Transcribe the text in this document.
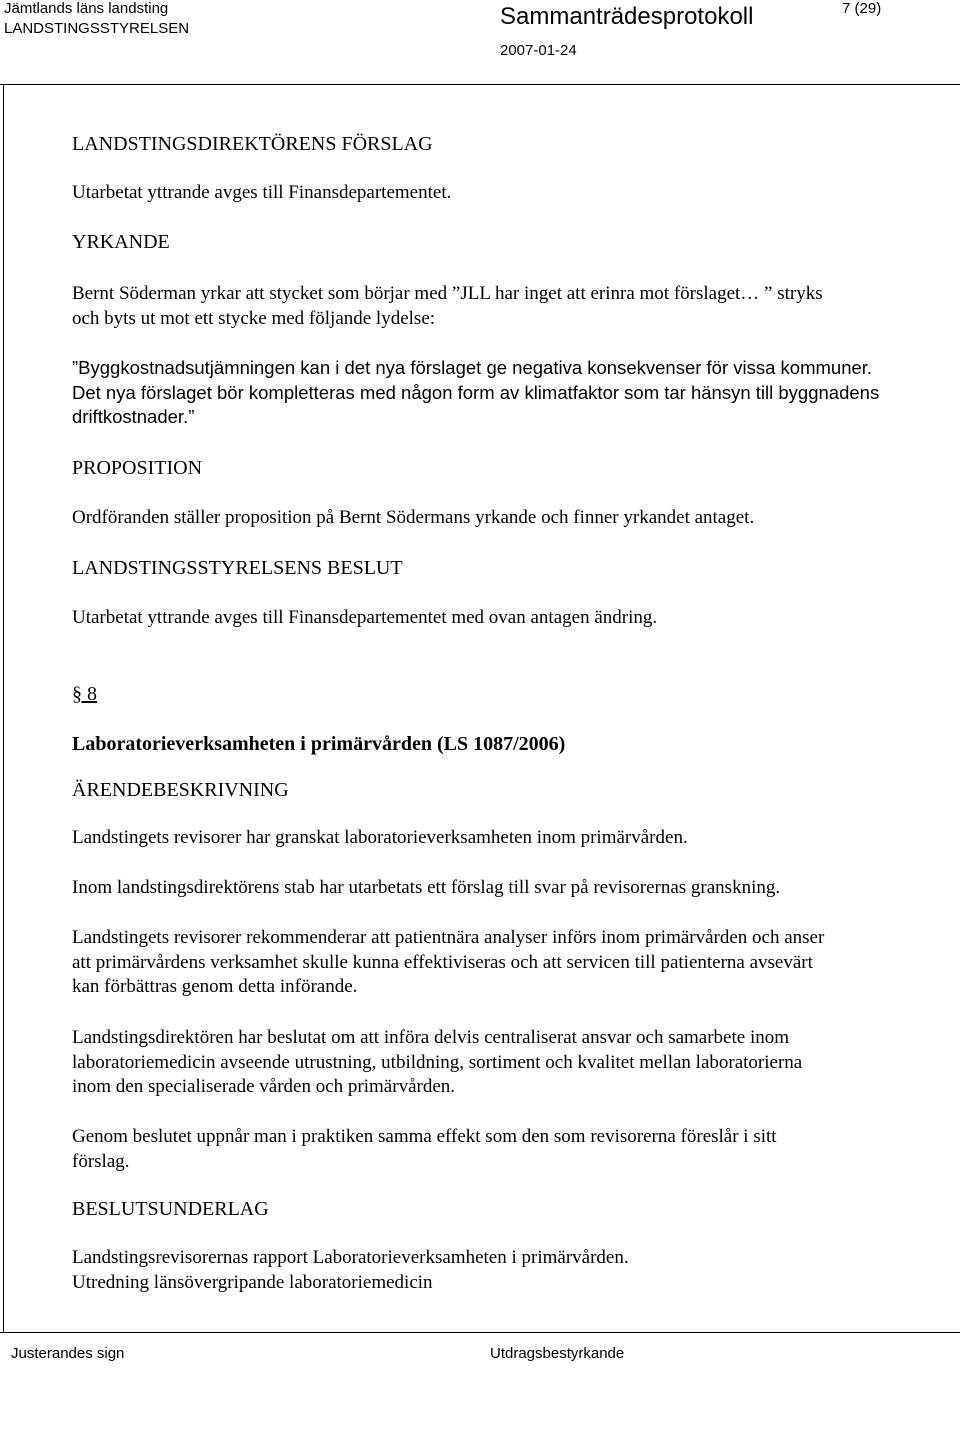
Jämtlands läns landsting
LANDSTINGSSTYRELSEN	Sammanträdesprotokoll
2007-01-24
7 (29)
LANDSTINGSDIREKTÖRENS FÖRSLAG
Utarbetat yttrande avges till Finansdepartementet.
YRKANDE
Bernt Söderman yrkar att stycket som börjar med ”JLL har inget att erinra mot förslaget… ” stryks
och byts ut mot ett stycke med följande lydelse:
”Byggkostnadsutjämningen kan i det nya förslaget ge negativa konsekvenser för vissa kommuner.
Det nya förslaget bör kompletteras med någon form av klimatfaktor som tar hänsyn till byggnadens
driftkostnader.”
PROPOSITION
Ordföranden ställer proposition på Bernt Södermans yrkande och finner yrkandet antaget.
LANDSTINGSSTYRELSENS BESLUT
Utarbetat yttrande avges till Finansdepartementet med ovan antagen ändring.
§ 8
Laboratorieverksamheten i primärvården (LS 1087/2006)
ÄRENDEBESKRIVNING
Landstingets revisorer har granskat laboratorieverksamheten inom primärvården.
Inom landstingsdirektörens stab har utarbetats ett förslag till svar på revisorernas granskning.
Landstingets revisorer rekommenderar att patientnära analyser införs inom primärvården och anser
att primärvårdens verksamhet skulle kunna effektiviseras och att servicen till patienterna avsevärt
kan förbättras genom detta införande.
Landstingsdirektören har beslutat om att införa delvis centraliserat ansvar och samarbete inom
laboratoriemedicin avseende utrustning, utbildning, sortiment och kvalitet mellan laboratorierna
inom den specialiserade vården och primärvården.
Genom beslutet uppnår man i praktiken samma effekt som den som revisorerna föreslår i sitt
förslag.
BESLUTSUNDERLAG
Landstingsrevisorernas rapport Laboratorieverksamheten i primärvården.
Utredning länsövergripande laboratoriemedicin
Justerandes sign	Utdragsbestyrkande
